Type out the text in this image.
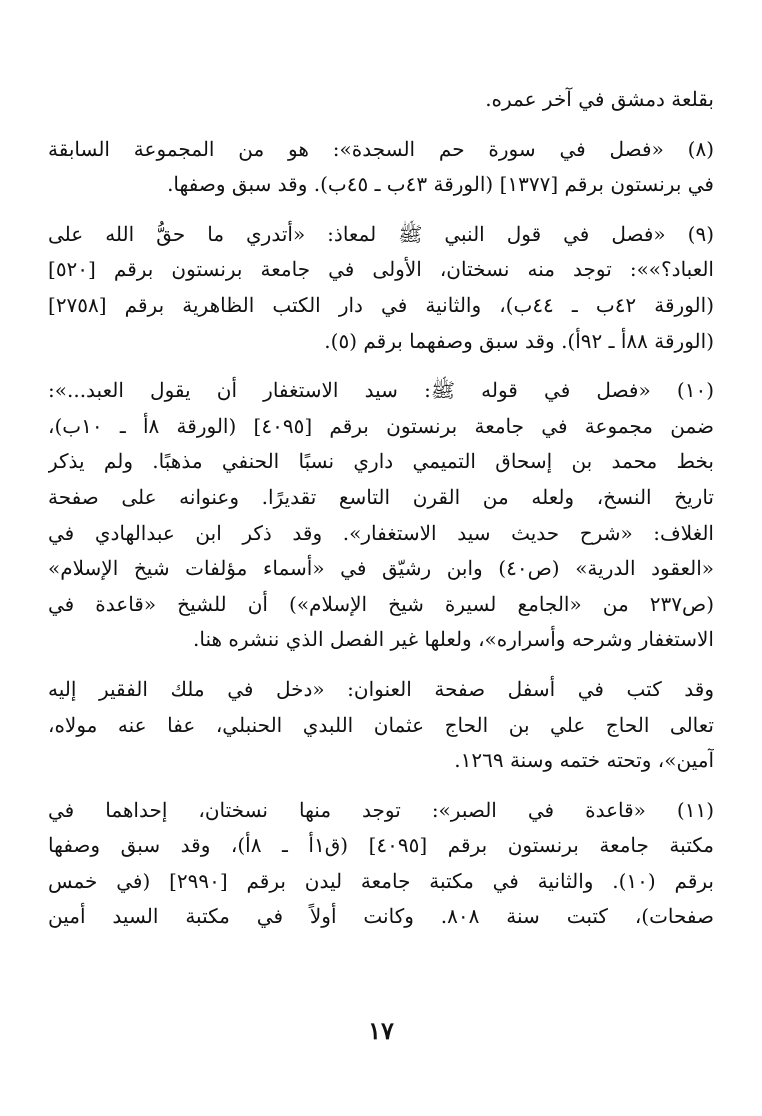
بقلعة دمشق في آخر عمره.
(٨) «فصل في سورة حم السجدة»: هو من المجموعة السابقة
في برنستون برقم [١٣٧٧] (الورقة ٤٣ب ـ ٤٥ب). وقد سبق وصفها.
(٩) «فصل في قول النبي ﷺ لمعاذ: «أتدري ما حقُّ الله على
العباد؟»»: توجد منه نسختان، الأولى في جامعة برنستون برقم [٥٢٠]
(الورقة ٤٢ب ـ ٤٤ب)، والثانية في دار الكتب الظاهرية برقم [٢٧٥٨]
(الورقة ٨٨أ ـ ٩٢أ). وقد سبق وصفهما برقم (٥).
(١٠) «فصل في قوله ﷺ: سيد الاستغفار أن يقول العبد...»:
ضمن مجموعة في جامعة برنستون برقم [٤٠٩٥] (الورقة ٨أ ـ ١٠ب)،
بخط محمد بن إسحاق التميمي داري نسبًا الحنفي مذهبًا. ولم يذكر
تاريخ النسخ، ولعله من القرن التاسع تقديرًا. وعنوانه على صفحة
الغلاف: «شرح حديث سيد الاستغفار». وقد ذكر ابن عبدالهادي في
«العقود الدرية» (ص٤٠) وابن رشيّق في «أسماء مؤلفات شيخ الإسلام»
(ص٢٣٧ من «الجامع لسيرة شيخ الإسلام») أن للشيخ «قاعدة في
الاستغفار وشرحه وأسراره»، ولعلها غير الفصل الذي ننشره هنا.
وقد كتب في أسفل صفحة العنوان: «دخل في ملك الفقير إليه
تعالى الحاج علي بن الحاج عثمان اللبدي الحنبلي، عفا عنه مولاه،
آمين»، وتحته ختمه وسنة ١٢٦٩.
(١١) «قاعدة في الصبر»: توجد منها نسختان، إحداهما في
مكتبة جامعة برنستون برقم [٤٠٩٥] (ق١أ ـ ٨أ)، وقد سبق وصفها
برقم (١٠). والثانية في مكتبة جامعة ليدن برقم [٢٩٩٠] (في خمس
صفحات)، كتبت سنة ٨٠٨. وكانت أولاً في مكتبة السيد أمين
١٧
